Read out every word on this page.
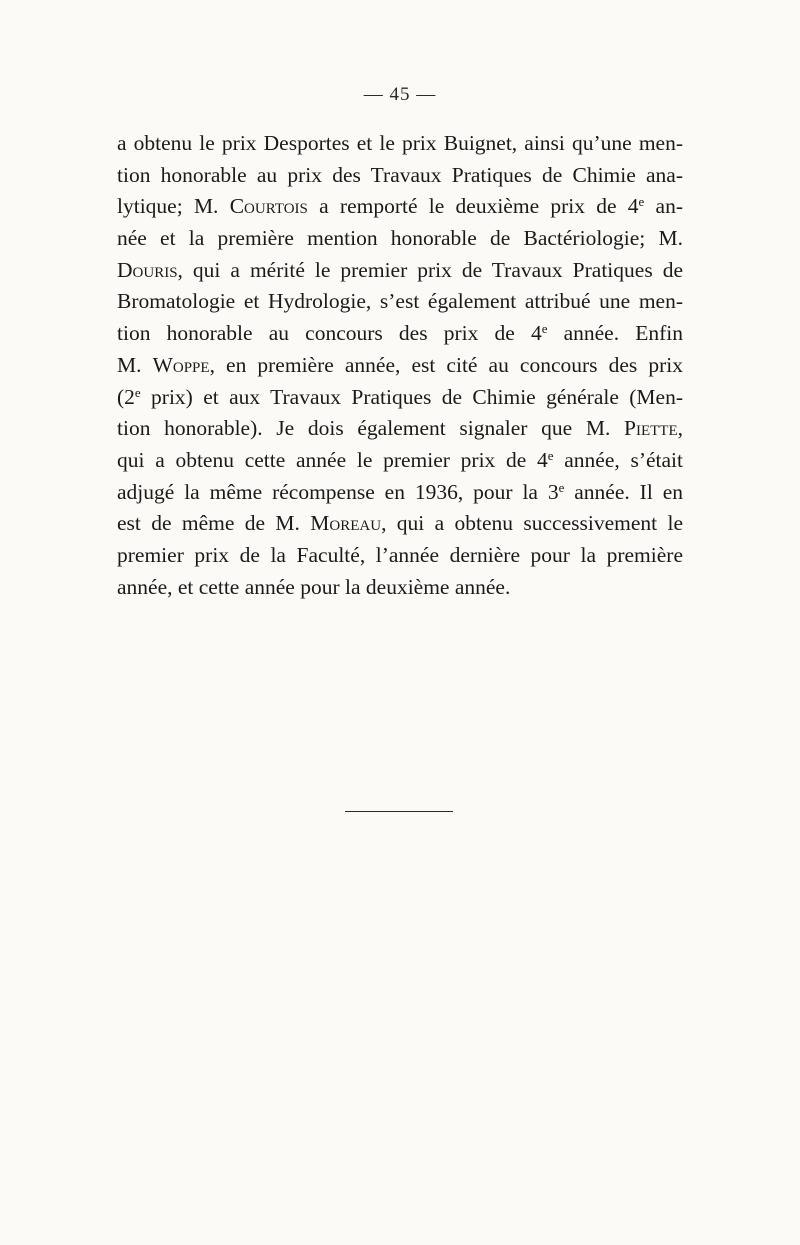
— 45 —
a obtenu le prix Desportes et le prix Buignet, ainsi qu’une men-
tion honorable au prix des Travaux Pratiques de Chimie ana-
lytique; M. Courtois a remporté le deuxième prix de 4e an-
née et la première mention honorable de Bactériologie; M.
Douris, qui a mérité le premier prix de Travaux Pratiques de
Bromatologie et Hydrologie, s’est également attribué une men-
tion honorable au concours des prix de 4e année. Enfin
M. Woppe, en première année, est cité au concours des prix
(2e prix) et aux Travaux Pratiques de Chimie générale (Men-
tion honorable). Je dois également signaler que M. Piette,
qui a obtenu cette année le premier prix de 4e année, s’était
adjugé la même récompense en 1936, pour la 3e année. Il en
est de même de M. Moreau, qui a obtenu successivement le
premier prix de la Faculté, l’année dernière pour la première
année, et cette année pour la deuxième année.
